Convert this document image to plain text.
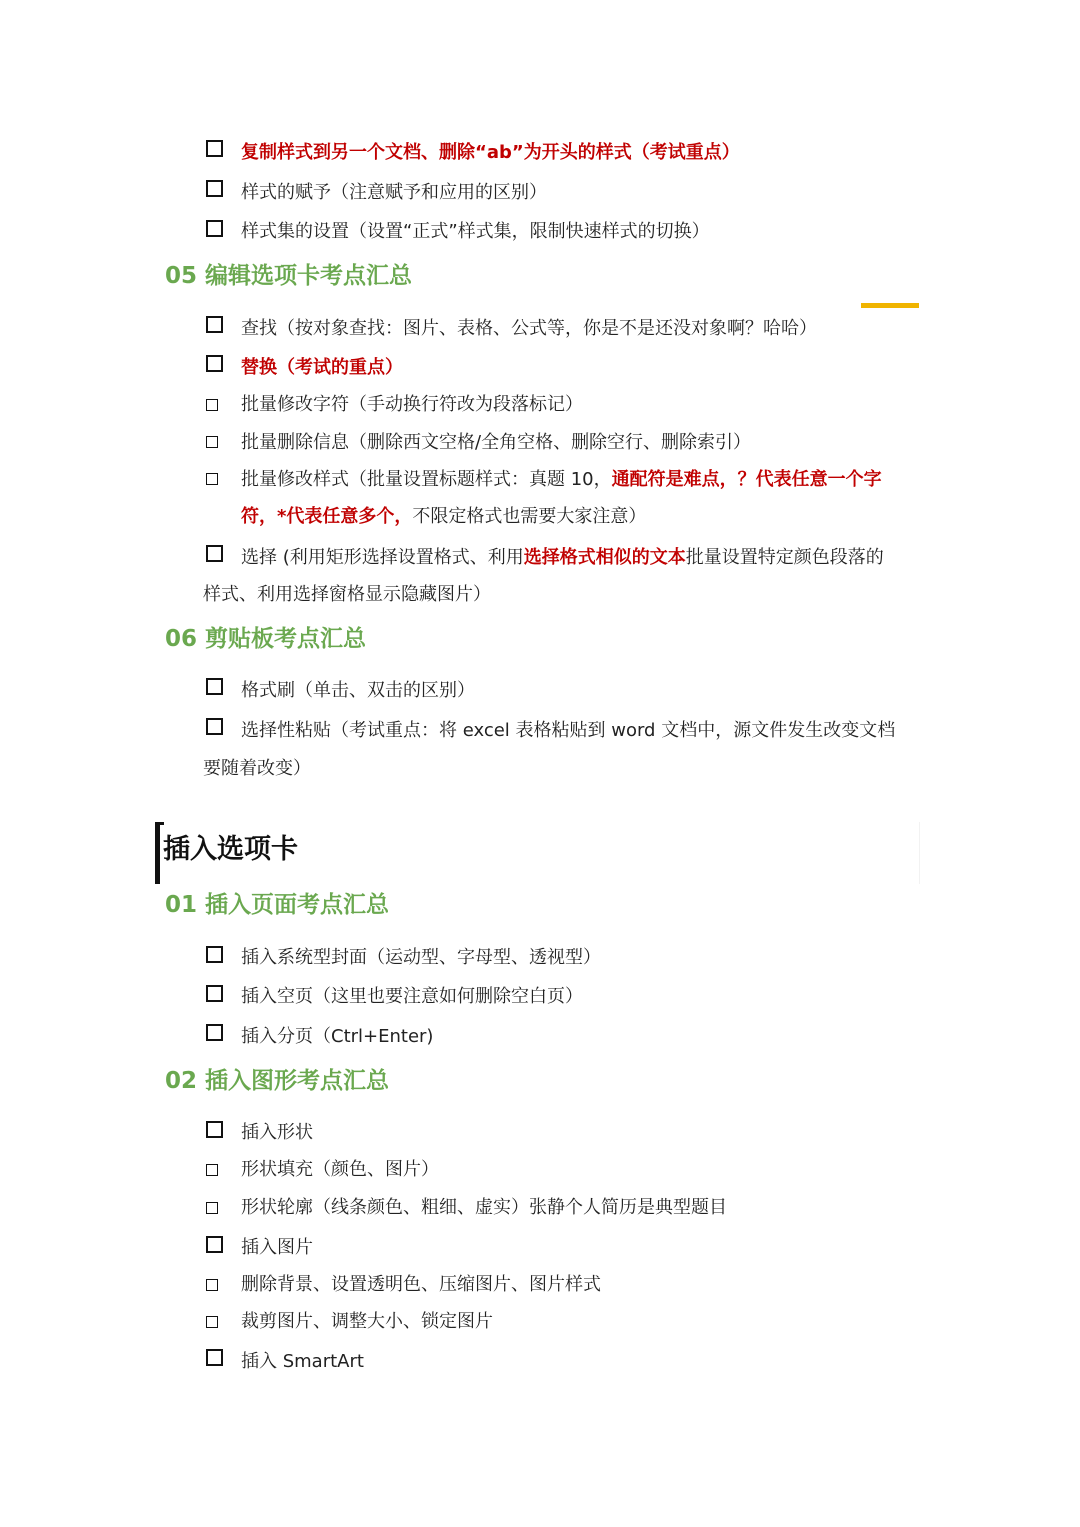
复制样式到另一个文档、删除“ab”为开头的样式（考试重点）
样式的赋予（注意赋予和应用的区别）
样式集的设置（设置“正式”样式集，限制快速样式的切换）
05 编辑选项卡考点汇总
查找（按对象查找：图片、表格、公式等，你是不是还没对象啊？哈哈）
替换（考试的重点）
批量修改字符（手动换行符改为段落标记）
批量删除信息（删除西文空格/全角空格、删除空行、删除索引）
批量修改样式（批量设置标题样式：真题 10，通配符是难点，？代表任意一个字
符，*代表任意多个，不限定格式也需要大家注意）
选择 (利用矩形选择设置格式、利用选择格式相似的文本批量设置特定颜色段落的
样式、利用选择窗格显示隐藏图片）
06 剪贴板考点汇总
格式刷（单击、双击的区别）
选择性粘贴（考试重点：将 excel 表格粘贴到 word 文档中，源文件发生改变文档
要随着改变）
插入选项卡
01 插入页面考点汇总
插入系统型封面（运动型、字母型、透视型）
插入空页（这里也要注意如何删除空白页）
插入分页（Ctrl+Enter)
02 插入图形考点汇总
插入形状
形状填充（颜色、图片）
形状轮廓（线条颜色、粗细、虚实）张静个人简历是典型题目
插入图片
删除背景、设置透明色、压缩图片、图片样式
裁剪图片、调整大小、锁定图片
插入 SmartArt
